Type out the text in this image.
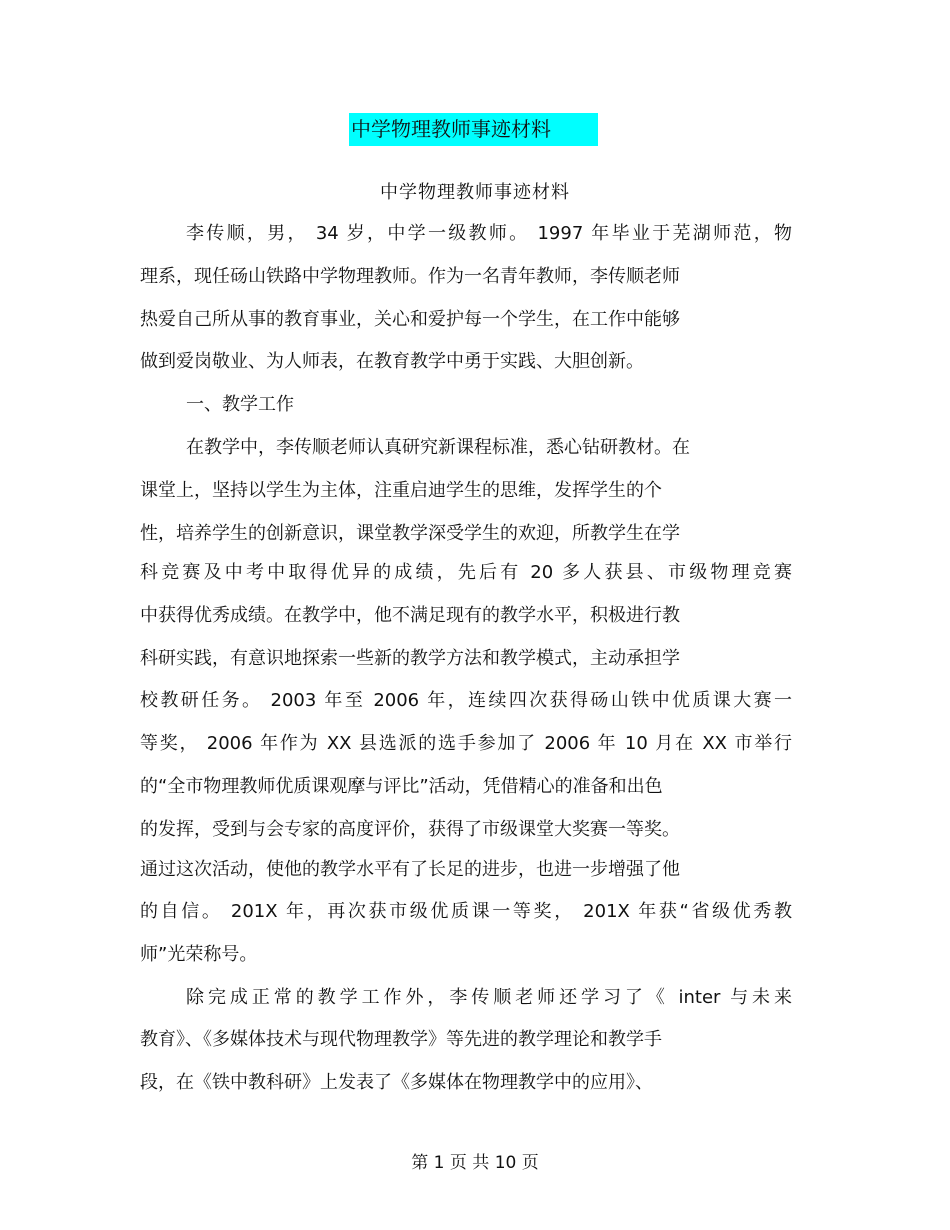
中学物理教师事迹材料
中学物理教师事迹材料
李传顺，男， 34 岁，中学一级教师。 1997 年毕业于芜湖师范，物
理系，现任砀山铁路中学物理教师。作为一名青年教师，李传顺老师
热爱自己所从事的教育事业，关心和爱护每一个学生，在工作中能够
做到爱岗敬业、为人师表，在教育教学中勇于实践、大胆创新。
一、教学工作
在教学中，李传顺老师认真研究新课程标准，悉心钻研教材。在
课堂上，坚持以学生为主体，注重启迪学生的思维，发挥学生的个
性，培养学生的创新意识，课堂教学深受学生的欢迎，所教学生在学
科竞赛及中考中取得优异的成绩，先后有 20 多人获县、市级物理竞赛
中获得优秀成绩。在教学中，他不满足现有的教学水平，积极进行教
科研实践，有意识地探索一些新的教学方法和教学模式，主动承担学
校教研任务。 2003 年至 2006 年，连续四次获得砀山铁中优质课大赛一
等奖， 2006 年作为 XX 县选派的选手参加了 2006 年 10 月在 XX 市举行
的“全市物理教师优质课观摩与评比”活动，凭借精心的准备和出色
的发挥，受到与会专家的高度评价，获得了市级课堂大奖赛一等奖。
通过这次活动，使他的教学水平有了长足的进步，也进一步增强了他
的自信。 201X 年，再次获市级优质课一等奖， 201X 年获“省级优秀教
师”光荣称号。
除完成正常的教学工作外，李传顺老师还学习了《 inter 与未来
教育》、《多媒体技术与现代物理教学》等先进的教学理论和教学手
段，在《铁中教科研》上发表了《多媒体在物理教学中的应用》、
第 1 页 共 10 页
